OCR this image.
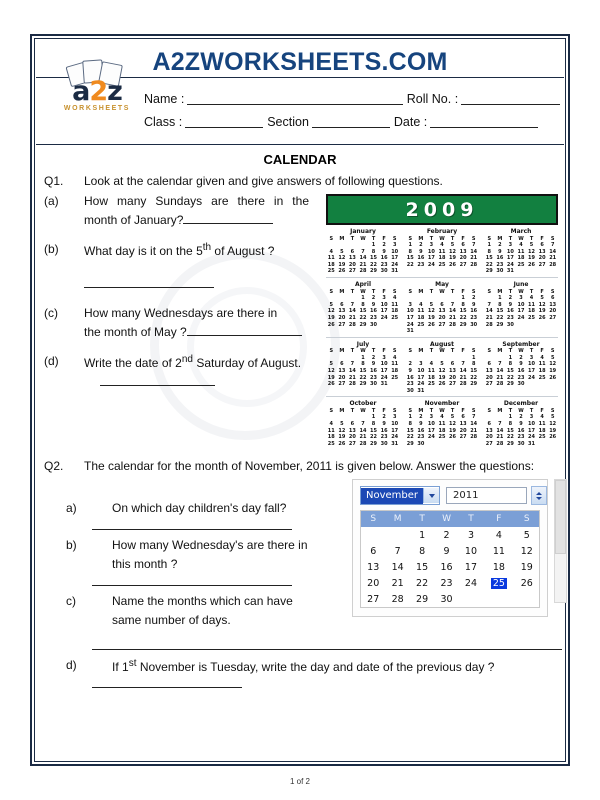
A2ZWORKSHEETS.COM
a2z
WORKSHEETS
Name :	Roll No. :
Class :	Section	Date :
CALENDAR
Q1.	Look at the calendar given and give answers of following questions.
(a)	How many Sundays are there in the
month of January?
(b)	What day is it on the 5th of August ?
(c)	How many Wednesdays are there in
the month of May ?
(d)	Write the date of 2nd Saturday of August.
2009
January
S	M	T	W	T	F	S
				1	2	3
4	5	6	7	8	9	10
11	12	13	14	15	16	17
18	19	20	21	22	23	24
25	26	27	28	29	30	31
February
S	M	T	W	T	F	S
1	2	3	4	5	6	7
8	9	10	11	12	13	14
15	16	17	18	19	20	21
22	23	24	25	26	27	28
March
S	M	T	W	T	F	S
1	2	3	4	5	6	7
8	9	10	11	12	13	14
15	16	17	18	19	20	21
22	23	24	25	26	27	28
29	30	31				
April
S	M	T	W	T	F	S
			1	2	3	4
5	6	7	8	9	10	11
12	13	14	15	16	17	18
19	20	21	22	23	24	25
26	27	28	29	30		
May
S	M	T	W	T	F	S
					1	2
3	4	5	6	7	8	9
10	11	12	13	14	15	16
17	18	19	20	21	22	23
24	25	26	27	28	29	30
31						
June
S	M	T	W	T	F	S
	1	2	3	4	5	6
7	8	9	10	11	12	13
14	15	16	17	18	19	20
21	22	23	24	25	26	27
28	29	30				
July
S	M	T	W	T	F	S
			1	2	3	4
5	6	7	8	9	10	11
12	13	14	15	16	17	18
19	20	21	22	23	24	25
26	27	28	29	30	31	
August
S	M	T	W	T	F	S
						1
2	3	4	5	6	7	8
9	10	11	12	13	14	15
16	17	18	19	20	21	22
23	24	25	26	27	28	29
30	31					
September
S	M	T	W	T	F	S
		1	2	3	4	5
6	7	8	9	10	11	12
13	14	15	16	17	18	19
20	21	22	23	24	25	26
27	28	29	30			
October
S	M	T	W	T	F	S
				1	2	3
4	5	6	7	8	9	10
11	12	13	14	15	16	17
18	19	20	21	22	23	24
25	26	27	28	29	30	31
November
S	M	T	W	T	F	S
1	2	3	4	5	6	7
8	9	10	11	12	13	14
15	16	17	18	19	20	21
22	23	24	25	26	27	28
29	30					
December
S	M	T	W	T	F	S
		1	2	3	4	5
6	7	8	9	10	11	12
13	14	15	16	17	18	19
20	21	22	23	24	25	26
27	28	29	30	31		
Q2.	The calendar for the month of November, 2011 is given below. Answer the questions:
a)	On which day children's day fall?
b)	How many Wednesday's are there in
this month ?
c)	Name the months which can have
same number of days.
November	2011
S	M	T	W	T	F	S
		1	2	3	4	5
6	7	8	9	10	11	12
13	14	15	16	17	18	19
20	21	22	23	24	25	26
27	28	29	30			
d)	If 1st November is Tuesday, write the day and date of the previous day ?
1 of 2
